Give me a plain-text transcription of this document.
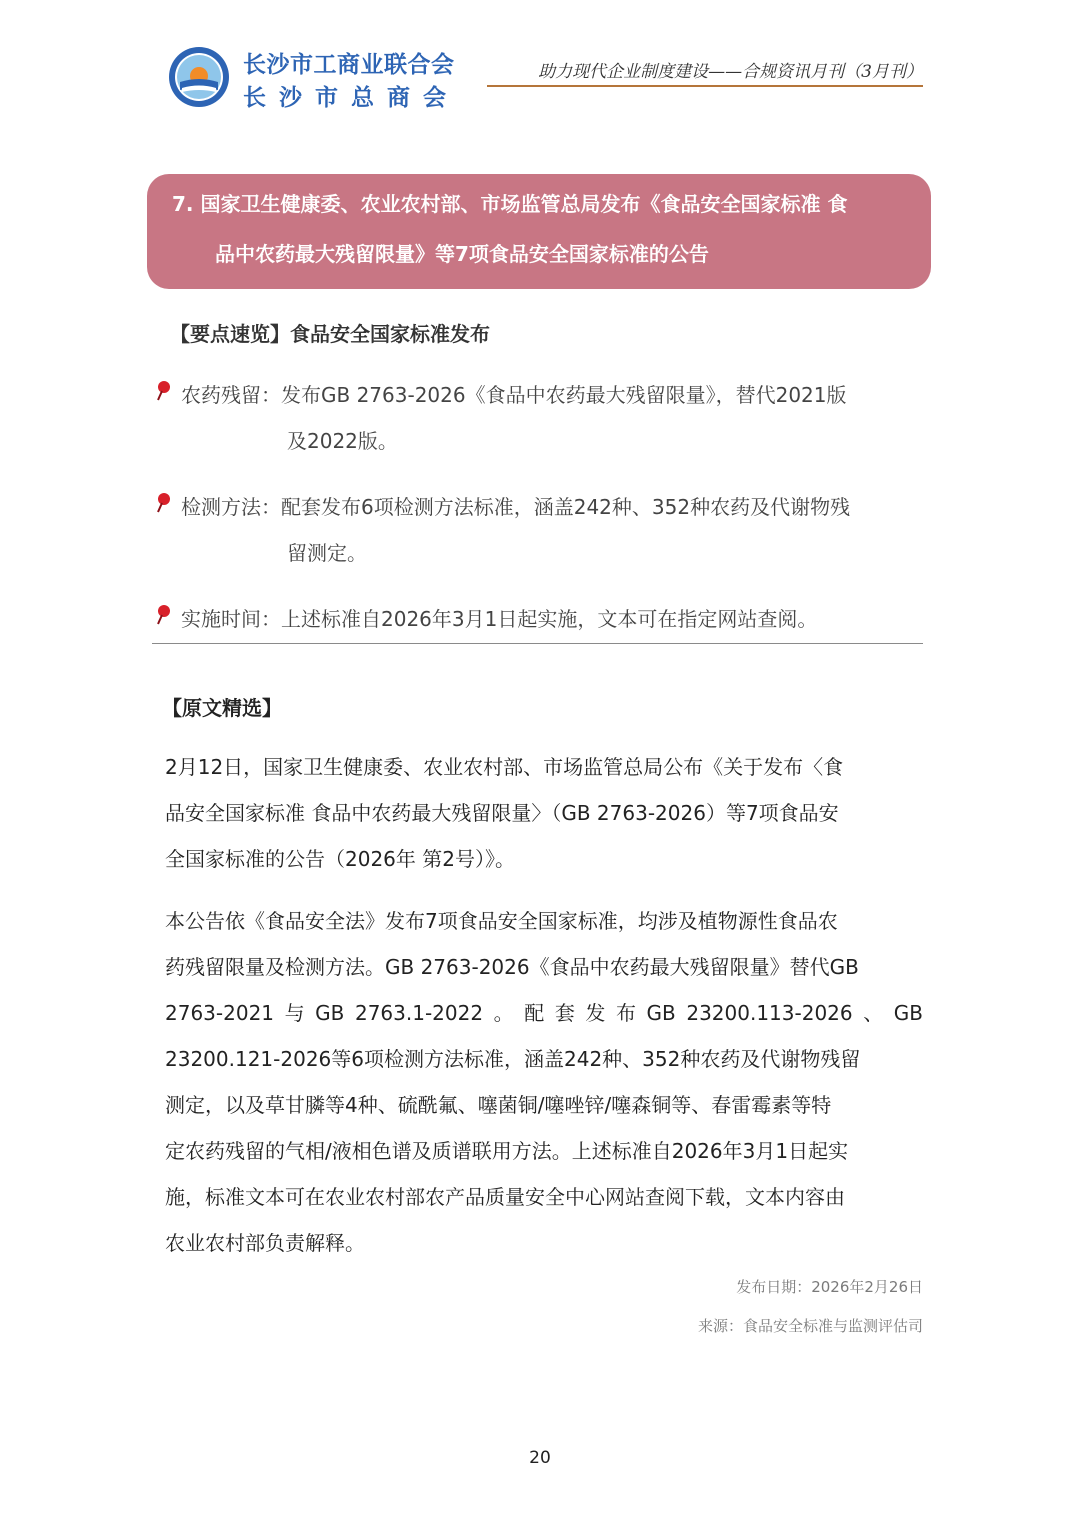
长沙市工商业联合会
长沙市总商会
助力现代企业制度建设——合规资讯月刊（3月刊）
7. 国家卫生健康委、农业农村部、市场监管总局发布《食品安全国家标准 食
品中农药最大残留限量》等7项食品安全国家标准的公告
【要点速览】食品安全国家标准发布
农药残留：发布GB 2763-2026《食品中农药最大残留限量》，替代2021版
及2022版。
检测方法：配套发布6项检测方法标准，涵盖242种、352种农药及代谢物残
留测定。
实施时间：上述标准自2026年3月1日起实施，文本可在指定网站查阅。
【原文精选】
2月12日，国家卫生健康委、农业农村部、市场监管总局公布《关于发布〈食
品安全国家标准 食品中农药最大残留限量〉（GB 2763-2026）等7项食品安
全国家标准的公告（2026年 第2号）》。
本公告依《食品安全法》发布7项食品安全国家标准，均涉及植物源性食品农
药残留限量及检测方法。GB 2763-2026《食品中农药最大残留限量》替代GB
2763-2021 与 GB 2763.1-2022 。 配 套 发 布 GB 23200.113-2026 、 GB
23200.121-2026等6项检测方法标准，涵盖242种、352种农药及代谢物残留
测定，以及草甘膦等4种、硫酰氟、噻菌铜/噻唑锌/噻森铜等、春雷霉素等特
定农药残留的气相/液相色谱及质谱联用方法。上述标准自2026年3月1日起实
施，标准文本可在农业农村部农产品质量安全中心网站查阅下载，文本内容由
农业农村部负责解释。
发布日期：2026年2月26日
来源：食品安全标准与监测评估司
20
